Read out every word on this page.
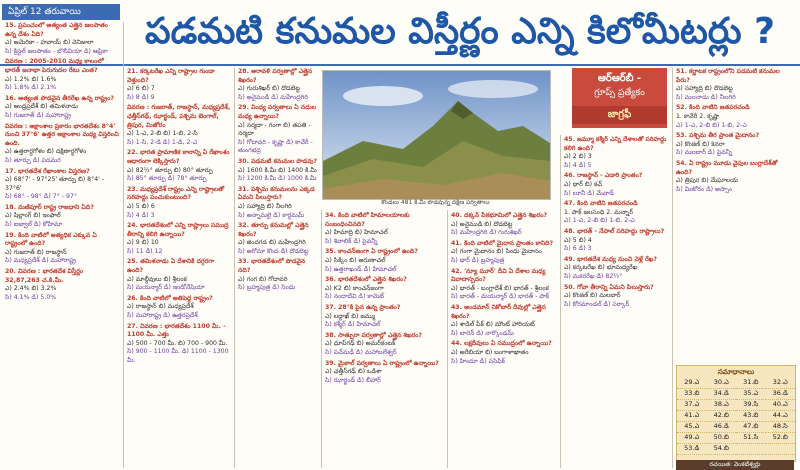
ఏప్రిల్ 12 తరువాయి	పడమటి కనుమల విస్తీర్ణం ఎన్ని కిలోమీటర్లు ?
కొండలు 481 కి.మీ పొడవున్న దక్షిణ పర్వతాలు
ఆర్‌ఆర్‌బీ -
గ్రూప్స్ ప్రత్యేకం
జాగ్రఫీ
15. ప్రపంచంలో అత్యంత ఎత్తైన జలపాతం ఉన్న దేశం ఏది?
ఎ) అమెరికా - హవాయ్ బి) వెనిజులా
సి) క్రిస్టల్ జలపాతం - బొలీవియా డి) ఆఫ్రికా
వివరణ : 2005-2010 మధ్య కాలంలో భారత్ జనాభా పెరుగుదల రేటు ఎంత?
ఎ) 1.2% బి) 1.6%
సి) 1.8% డి) 2.1%
16. అత్యంత పొడవైన తీరరేఖ ఉన్న రాష్ట్రం?
ఎ) ఆంధ్రప్రదేశ్ బి) తమిళనాడు
సి) గుజరాత్ డి) మహారాష్ట్ర
వివరణ : అక్షాంశాల ప్రకారం భారతదేశం 8°4' నుంచి 37°6' ఉత్తర అక్షాంశాల మధ్య విస్తరించి ఉంది.
ఎ) ఉత్తరార్ధగోళం బి) దక్షిణార్ధగోళం
సి) తూర్పు డి) పడమర
17. భారతదేశ రేఖాంశాల విస్తరణ?
ఎ) 68°7' - 97°25' తూర్పు బి) 8°4' - 37°6'
సి) 68° - 98° డి) 7° - 97°
18. మణిపూర్ రాష్ట్ర రాజధాని ఏది?
ఎ) షిల్లాంగ్ బి) ఇంఫాల్
సి) ఐజ్వాల్ డి) కోహిమా
19. కింది వాటిలో అత్యధిక ఎక్కువ ఏ రాష్ట్రంలో ఉంది?
ఎ) గుజరాత్ బి) రాజస్థాన్
సి) మధ్యప్రదేశ్ డి) మహారాష్ట్ర
20. వివరణ : భారతదేశ విస్తీర్ణం 32,87,263 చ.కి.మీ.
ఎ) 2.4% బి) 3.2%
సి) 4.1% డి) 5.0%
21. కర్కటరేఖ ఎన్ని రాష్ట్రాల గుండా వెళ్తుంది?
ఎ) 6 బి) 7
సి) 8 డి) 9
వివరణ : గుజరాత్, రాజస్థాన్, మధ్యప్రదేశ్, ఛత్తీస్‌గఢ్, ఝార్ఖండ్, పశ్చిమ బెంగాల్, త్రిపుర, మిజోరం
ఎ) 1-ఎ, 2-బి బి) 1-బి, 2-సి
సి) 1-సి, 2-డి డి) 1-డి, 2-ఎ
22. భారత ప్రామాణిక కాలాన్ని ఏ రేఖాంశం ఆధారంగా లెక్కిస్తారు?
ఎ) 82½° తూర్పు బి) 80° తూర్పు
సి) 85° తూర్పు డి) 78° తూర్పు
23. మధ్యప్రదేశ్ రాష్ట్రం ఎన్ని రాష్ట్రాలతో సరిహద్దు పంచుకుంటుంది?
ఎ) 5 బి) 6
సి) 4 డి) 3
24. భారతదేశంలో ఎన్ని రాష్ట్రాలు సముద్ర తీరాన్ని కలిగి ఉన్నాయి?
ఎ) 9 బి) 10
సి) 11 డి) 12
25. తమిళనాడు ఏ దేశానికి దగ్గరగా ఉంది?
ఎ) మాల్దీవులు బి) శ్రీలంక
సి) మయన్మార్ డి) ఇండోనేషియా
26. కింది వాటిలో అతిపెద్ద రాష్ట్రం?
ఎ) రాజస్థాన్ బి) మధ్యప్రదేశ్
సి) మహారాష్ట్ర డి) ఉత్తరప్రదేశ్
27. వివరణ : భారతదేశం 1100 మీ. - 1100 మీ. ఎత్తు
ఎ) 500 - 700 మీ. బి) 700 - 900 మీ.
సి) 900 - 1100 మీ. డి) 1100 - 1300 మీ.
28. అరావళి పర్వతాల్లో ఎత్తైన శిఖరం?
ఎ) గురుశిఖర్ బి) దొడబెట్ట
సి) అనైముడి డి) మహేంద్రగిరి
29. వింధ్య పర్వతాలు ఏ నదుల మధ్య ఉన్నాయి?
ఎ) నర్మదా - గంగా బి) తపతి - నర్మదా
సి) గోదావరి - కృష్ణా డి) కావేరీ - తుంగభద్ర
30. పడమటి కనుమల పొడవు?
ఎ) 1600 కి.మీ బి) 1400 కి.మీ
సి) 1200 కి.మీ డి) 1000 కి.మీ
31. పశ్చిమ కనుమలను ఎక్కడ ఏమని పిలుస్తారు?
ఎ) సహ్యాద్రి బి) నీలగిరి
సి) అన్నామలై డి) కార్డమమ్
32. తూర్పు కనుమల్లో ఎత్తైన శిఖరం?
ఎ) జిందగడ బి) మహేంద్రగిరి
సి) అరోమా కొండ డి) దొడబెట్ట
33. భారతదేశంలో పొడవైన నది?
ఎ) గంగ బి) గోదావరి
సి) బ్రహ్మపుత్ర డి) సింధు
34. కింది వాటిలో హిమాలయాలకు సంబంధించినది?
ఎ) హిమాద్రి బి) హిమాచల్
సి) శివాలిక్ డి) పైవన్నీ
35. కాంచన్‌జంగా ఏ రాష్ట్రంలో ఉంది?
ఎ) సిక్కిం బి) అరుణాచల్
సి) ఉత్తరాఖండ్ డి) హిమాచల్
36. భారతదేశంలో ఎత్తైన శిఖరం?
ఎ) K2 బి) కాంచన్‌జంగా
సి) నందాదేవి డి) కామెట్
37. 28°కి పైన ఉన్న ప్రాంతం?
ఎ) లద్దాఖ్ బి) జమ్ము
సి) కశ్మీర్ డి) హిమాచల్
38. సాత్పురా పర్వతాల్లో ఎత్తైన శిఖరం?
ఎ) ధూప్‌గఢ్ బి) అమర్‌కంటక్
సి) పచ్‌మఢీ డి) మహాబలేశ్వర్
39. మైకాల్ పర్వతాలు ఏ రాష్ట్రంలో ఉన్నాయి?
ఎ) ఛత్తీస్‌గఢ్ బి) ఒడిశా
సి) ఝార్ఖండ్ డి) బీహార్
40. దక్కన్ పీఠభూమిలో ఎత్తైన శిఖరం?
ఎ) అనైముడి బి) దొడబెట్ట
సి) మహేంద్రగిరి డి) గురుశిఖర్
41. కింది వాటిలో మైదాన ప్రాంతం కానిది?
ఎ) గంగా మైదానం బి) సింధు మైదానం
సి) థార్ డి) బ్రహ్మపుత్ర
42. 'న్యూ మూర్' దీవి ఏ దేశాల మధ్య వివాదాస్పదం?
ఎ) భారత్ - బంగ్లాదేశ్ బి) భారత్ - శ్రీలంక
సి) భారత్ - మయన్మార్ డి) భారత్ - పాక్
43. అండమాన్ నికోబార్ దీవుల్లో ఎత్తైన శిఖరం?
ఎ) శాడిల్ పీక్ బి) మౌంట్ హారియట్
సి) బారెన్ డి) నార్కొండమ్
44. లక్షదీవులు ఏ సముద్రంలో ఉన్నాయి?
ఎ) అరేబియా బి) బంగాళాఖాతం
సి) హిందూ డి) పసిఫిక్
45. జమ్మూ కశ్మీర్ ఎన్ని దేశాలతో సరిహద్దు కలిగి ఉంది?
ఎ) 2 బి) 3
సి) 4 డి) 5
46. రాజస్థాన్ - ఎడారి ప్రాంతం?
ఎ) థార్ బి) కచ్
సి) లూనీ డి) మేవాడ్
47. కింది వాటిని జతపరచండి
1. పాక్ జలసంధి 2. మన్నార్
ఎ) 1-ఎ, 2-బి బి) 1-బి, 2-ఎ
48. భారత్ - నేపాల్ సరిహద్దు రాష్ట్రాలు?
ఎ) 5 బి) 4
సి) 6 డి) 3
49. భారతదేశ మధ్య నుంచి వెళ్లే రేఖ?
ఎ) కర్కటరేఖ బి) భూమధ్యరేఖ
సి) మకరరేఖ డి) 82½°
50. గోవా తీరాన్ని ఏమని పిలుస్తారు?
ఎ) కొంకణ్ బి) మలబార్
సి) కోరమాండల్ డి) సర్కార్
51. కర్ణాటక రాష్ట్రంలోని పడమటి కనుమల పేరు?
ఎ) సహ్యాద్రి బి) దొడబెట్ట
సి) మలనాడు డి) నీలగిరి
52. కింది వాటిని జతపరచండి
1. కావేరీ 2. కృష్ణా
ఎ) 1-ఎ, 2-బి బి) 1-బి, 2-ఎ
53. పశ్చిమ తీర ప్రాంత మైదానం?
ఎ) కొంకణ్ బి) కెనరా
సి) మలబార్ డి) పైవన్నీ
54. ఏ రాష్ట్రం మూడు వైపుల బంగ్లాదేశ్‌తో ఉంది?
ఎ) త్రిపుర బి) మేఘాలయ
సి) మిజోరం డి) అస్సాం
సమాధానాలు
29.ఎ	30.ఎ	31.బి	32.ఎ
33.బి	34.డి	35.ఎ	36.డి
37.ఎ	38.ఎ	39.సి	40.ఎ
41.ఎ	42.బి	43.బి	44.ఎ
45.ఎ	46.డి	47.బి	48.సి
49.ఎ	50.బి	51.సి	52.బి
53.డి	54.బి		
రచయిత: వెంకటేశ్వర్లు
